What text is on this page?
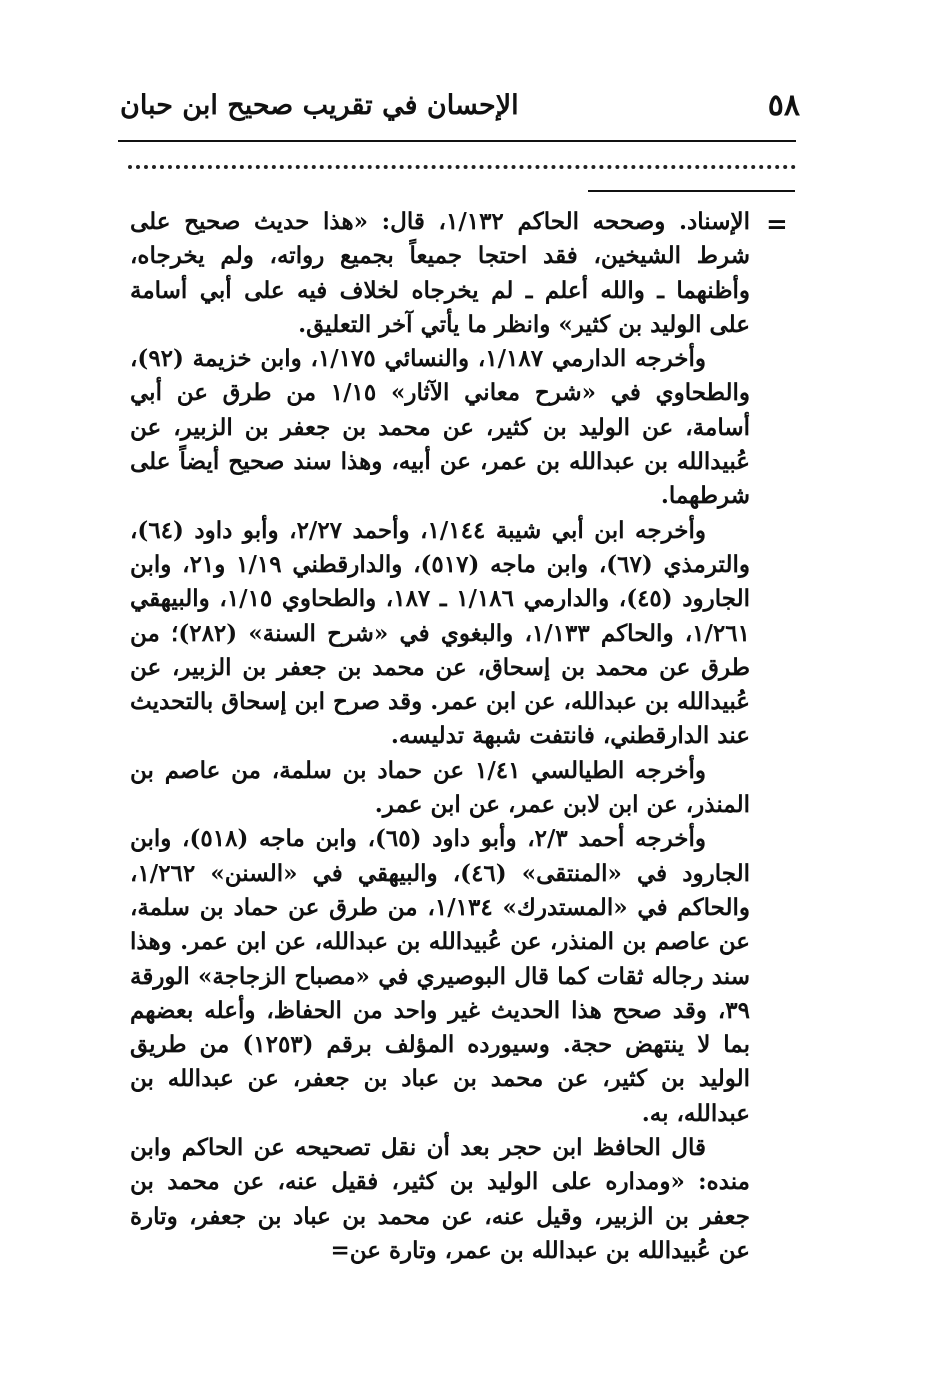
٥٨
الإحسان في تقريب صحيح ابن حبان
=

الإسناد. وصححه الحاكم ١/١٣٢، قال: «هذا حديث صحيح على شرط الشيخين، فقد احتجا جميعاً بجميع رواته، ولم يخرجاه، وأظنهما ـ والله أعلم ـ لم يخرجاه لخلاف فيه على أبي أسامة على الوليد بن كثير» وانظر ما يأتي آخر التعليق.

وأخرجه الدارمي ١/١٨٧، والنسائي ١/١٧٥، وابن خزيمة (٩٢)، والطحاوي في «شرح معاني الآثار» ١/١٥ من طرق عن أبي أسامة، عن الوليد بن كثير، عن محمد بن جعفر بن الزبير، عن عُبيدالله بن عبدالله بن عمر، عن أبيه، وهذا سند صحيح أيضاً على شرطهما.

وأخرجه ابن أبي شيبة ١/١٤٤، وأحمد ٢/٢٧، وأبو داود (٦٤)، والترمذي (٦٧)، وابن ماجه (٥١٧)، والدارقطني ١/١٩ و٢١، وابن الجارود (٤٥)، والدارمي ١/١٨٦ ـ ١٨٧، والطحاوي ١/١٥، والبيهقي ١/٢٦١، والحاكم ١/١٣٣، والبغوي في «شرح السنة» (٢٨٢)؛ من طرق عن محمد بن إسحاق، عن محمد بن جعفر بن الزبير، عن عُبيدالله بن عبدالله، عن ابن عمر. وقد صرح ابن إسحاق بالتحديث عند الدارقطني، فانتفت شبهة تدليسه.

وأخرجه الطيالسي ١/٤١ عن حماد بن سلمة، من عاصم بن المنذر، عن ابن لابن عمر، عن ابن عمر.

وأخرجه أحمد ٢/٣، وأبو داود (٦٥)، وابن ماجه (٥١٨)، وابن الجارود في «المنتقى» (٤٦)، والبيهقي في «السنن» ١/٢٦٢، والحاكم في «المستدرك» ١/١٣٤، من طرق عن حماد بن سلمة، عن عاصم بن المنذر، عن عُبيدالله بن عبدالله، عن ابن عمر. وهذا سند رجاله ثقات كما قال البوصيري في «مصباح الزجاجة» الورقة ٣٩، وقد صحح هذا الحديث غير واحد من الحفاظ، وأعله بعضهم بما لا ينتهض حجة. وسيورده المؤلف برقم (١٢٥٣) من طريق الوليد بن كثير، عن محمد بن عباد بن جعفر، عن عبدالله بن عبدالله، به.

قال الحافظ ابن حجر بعد أن نقل تصحيحه عن الحاكم وابن منده: «ومداره على الوليد بن كثير، فقيل عنه، عن محمد بن جعفر بن الزبير، وقيل عنه، عن محمد بن عباد بن جعفر، وتارة عن عُبيدالله بن عبدالله بن عمر، وتارة عن=
